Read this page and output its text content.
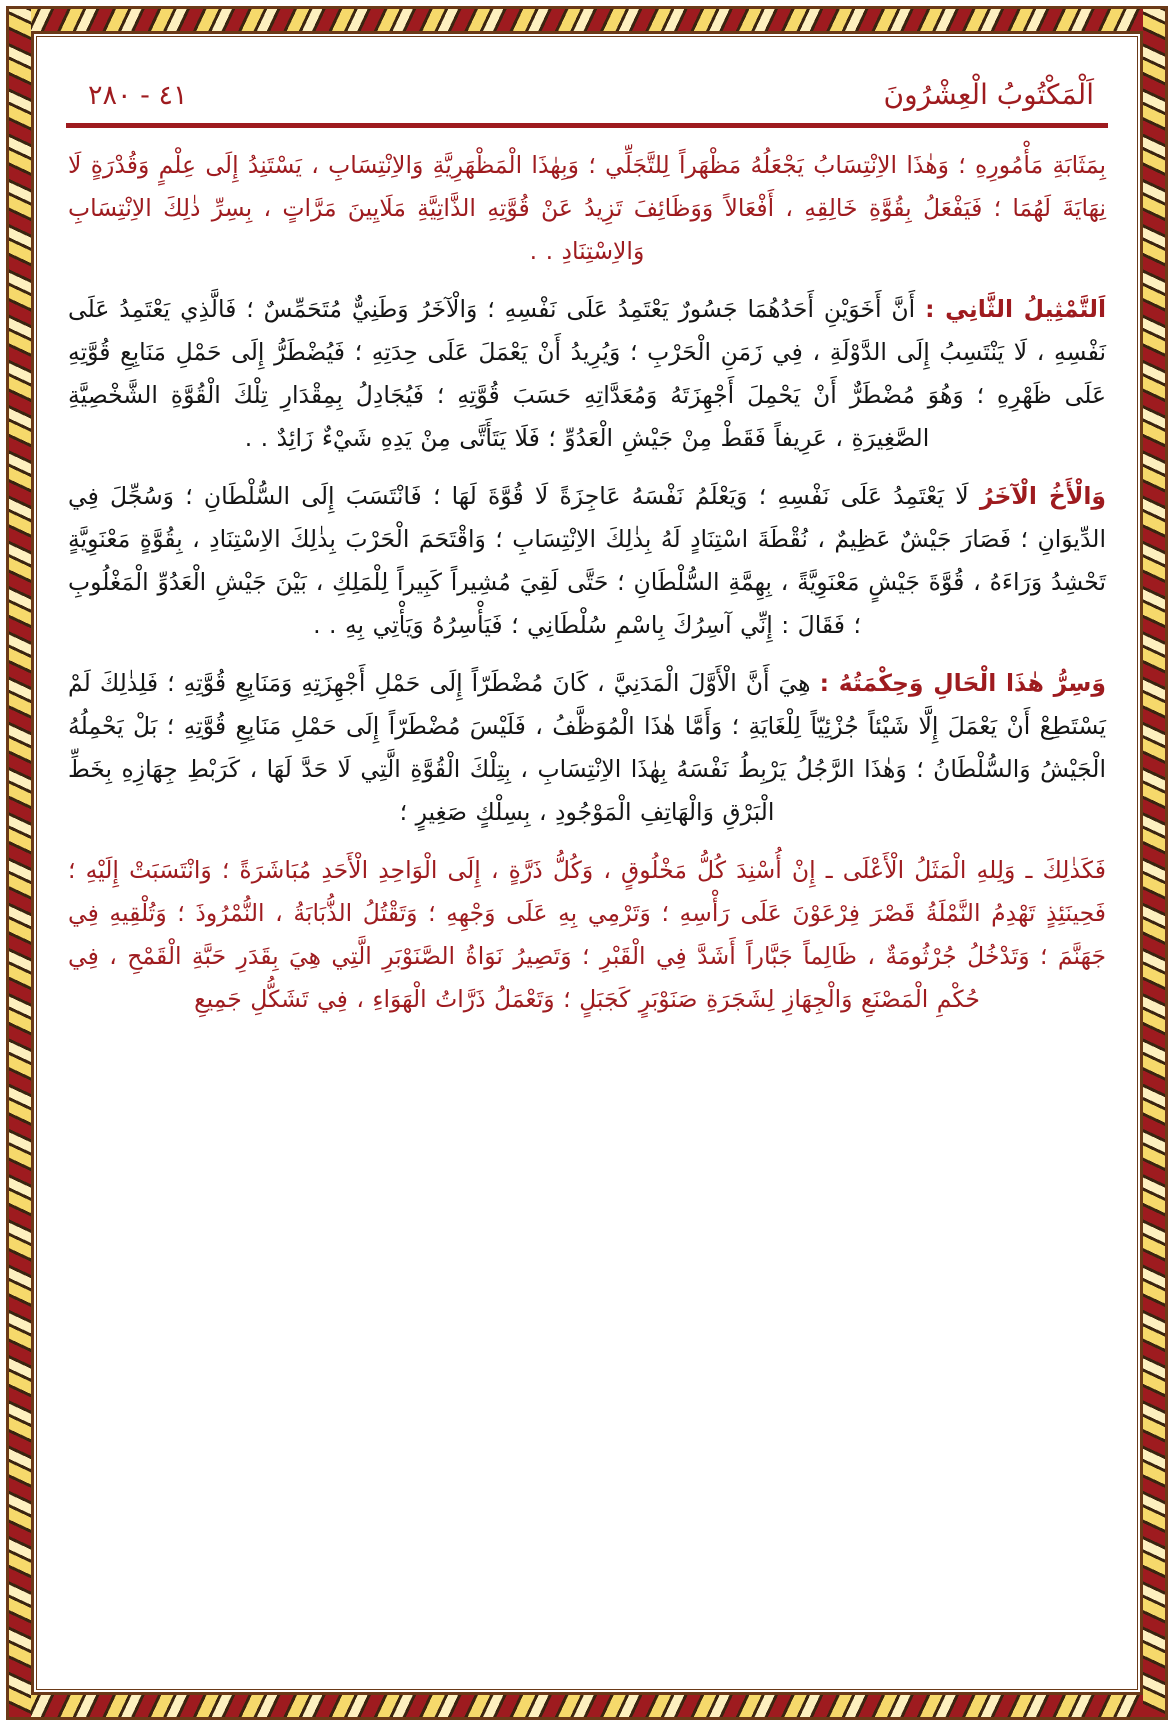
٤١ - ٢٨٠	اَلْمَكْتُوبُ الْعِشْرُونَ

بِمَثَابَةِ مَأْمُورِهِ ؛ وَهٰذَا الاِنْتِسَابُ يَجْعَلُهُ مَظْهَراً لِلتَّجَلِّي ؛ وَبِهٰذَا الْمَظْهَرِيَّةِ وَالاِنْتِسَابِ ، يَسْتَنِدُ إِلَى عِلْمٍ وَقُدْرَةٍ لَا نِهَايَةَ لَهُمَا ؛ فَيَفْعَلُ بِقُوَّةِ خَالِقِهِ ، أَفْعَالاً وَوَظَائِفَ تَزِيدُ عَنْ قُوَّتِهِ الذَّاتِيَّةِ مَلَايِينَ مَرَّاتٍ ، بِسِرِّ ذٰلِكَ الاِنْتِسَابِ وَالاِسْتِنَادِ . .

اَلتَّمْثِيلُ الثَّانِي : أَنَّ أَخَوَيْنِ أَحَدُهُمَا جَسُورٌ يَعْتَمِدُ عَلَى نَفْسِهِ ؛ وَالْآخَرُ وَطَنِيٌّ مُتَحَمِّسٌ ؛ فَالَّذِي يَعْتَمِدُ عَلَى نَفْسِهِ ، لَا يَنْتَسِبُ إِلَى الدَّوْلَةِ ، فِي زَمَنِ الْحَرْبِ ؛ وَيُرِيدُ أَنْ يَعْمَلَ عَلَى حِدَتِهِ ؛ فَيُضْطَرُّ إِلَى حَمْلِ مَنَابِعِ قُوَّتِهِ عَلَى ظَهْرِهِ ؛ وَهُوَ مُضْطَرٌّ أَنْ يَحْمِلَ أَجْهِزَتَهُ وَمُعَدَّاتِهِ حَسَبَ قُوَّتِهِ ؛ فَيُجَادِلُ بِمِقْدَارِ تِلْكَ الْقُوَّةِ الشَّخْصِيَّةِ الصَّغِيرَةِ ، عَرِيفاً فَقَطْ مِنْ جَيْشِ الْعَدُوِّ ؛ فَلَا يَتَأَتَّى مِنْ يَدِهِ شَيْءٌ زَائِدٌ . .

وَالْأَخُ الْآخَرُ لَا يَعْتَمِدُ عَلَى نَفْسِهِ ؛ وَيَعْلَمُ نَفْسَهُ عَاجِزَةً لَا قُوَّةَ لَهَا ؛ فَانْتَسَبَ إِلَى السُّلْطَانِ ؛ وَسُجِّلَ فِي الدِّيوَانِ ؛ فَصَارَ جَيْشٌ عَظِيمٌ ، نُقْطَةَ اسْتِنَادٍ لَهُ بِذٰلِكَ الاِنْتِسَابِ ؛ وَاقْتَحَمَ الْحَرْبَ بِذٰلِكَ الاِسْتِنَادِ ، بِقُوَّةٍ مَعْنَوِيَّةٍ تَحْشِدُ وَرَاءَهُ ، قُوَّةَ جَيْشٍ مَعْنَوِيَّةً ، بِهِمَّةِ السُّلْطَانِ ؛ حَتَّى لَقِيَ مُشِيراً كَبِيراً لِلْمَلِكِ ، بَيْنَ جَيْشِ الْعَدُوِّ الْمَغْلُوبِ ؛ فَقَالَ : إِنِّي آسِرُكَ بِاسْمِ سُلْطَانِي ؛ فَيَأْسِرُهُ وَيَأْتِي بِهِ . .

وَسِرُّ هٰذَا الْحَالِ وَحِكْمَتُهُ : هِيَ أَنَّ الْأَوَّلَ الْمَدَنِيَّ ، كَانَ مُضْطَرّاً إِلَى حَمْلِ أَجْهِزَتِهِ وَمَنَابِعِ قُوَّتِهِ ؛ فَلِذٰلِكَ لَمْ يَسْتَطِعْ أَنْ يَعْمَلَ إِلَّا شَيْئاً جُزْئِيّاً لِلْغَايَةِ ؛ وَأَمَّا هٰذَا الْمُوَظَّفُ ، فَلَيْسَ مُضْطَرّاً إِلَى حَمْلِ مَنَابِعِ قُوَّتِهِ ؛ بَلْ يَحْمِلُهُ الْجَيْشُ وَالسُّلْطَانُ ؛ وَهٰذَا الرَّجُلُ يَرْبِطُ نَفْسَهُ بِهٰذَا الاِنْتِسَابِ ، بِتِلْكَ الْقُوَّةِ الَّتِي لَا حَدَّ لَهَا ، كَرَبْطِ جِهَازِهِ بِخَطِّ الْبَرْقِ وَالْهَاتِفِ الْمَوْجُودِ ، بِسِلْكٍ صَغِيرٍ ؛

فَكَذٰلِكَ ـ وَلِلهِ الْمَثَلُ الْأَعْلَى ـ إِنْ أُسْنِدَ كُلُّ مَخْلُوقٍ ، وَكُلُّ ذَرَّةٍ ، إِلَى الْوَاحِدِ الْأَحَدِ مُبَاشَرَةً ؛ وَانْتَسَبَتْ إِلَيْهِ ؛ فَحِينَئِذٍ تَهْدِمُ النَّمْلَةُ قَصْرَ فِرْعَوْنَ عَلَى رَأْسِهِ ؛ وَتَرْمِي بِهِ عَلَى وَجْهِهِ ؛ وَتَقْتُلُ الذُّبَابَةُ ، النُّمْرُوذَ ؛ وَتُلْقِيهِ فِي جَهَنَّمَ ؛ وَتَدْخُلُ جُرْثُومَةٌ ، ظَالِماً جَبَّاراً أَشَدَّ فِي الْقَبْرِ ؛ وَتَصِيرُ نَوَاةُ الصَّنَوْبَرِ الَّتِي هِيَ بِقَدَرِ حَبَّةِ الْقَمْحِ ، فِي حُكْمِ الْمَصْنَعِ وَالْجِهَازِ لِشَجَرَةِ صَنَوْبَرٍ كَجَبَلٍ ؛ وَتَعْمَلُ ذَرَّاتُ الْهَوَاءِ ، فِي تَشَكُّلِ جَمِيعِ
